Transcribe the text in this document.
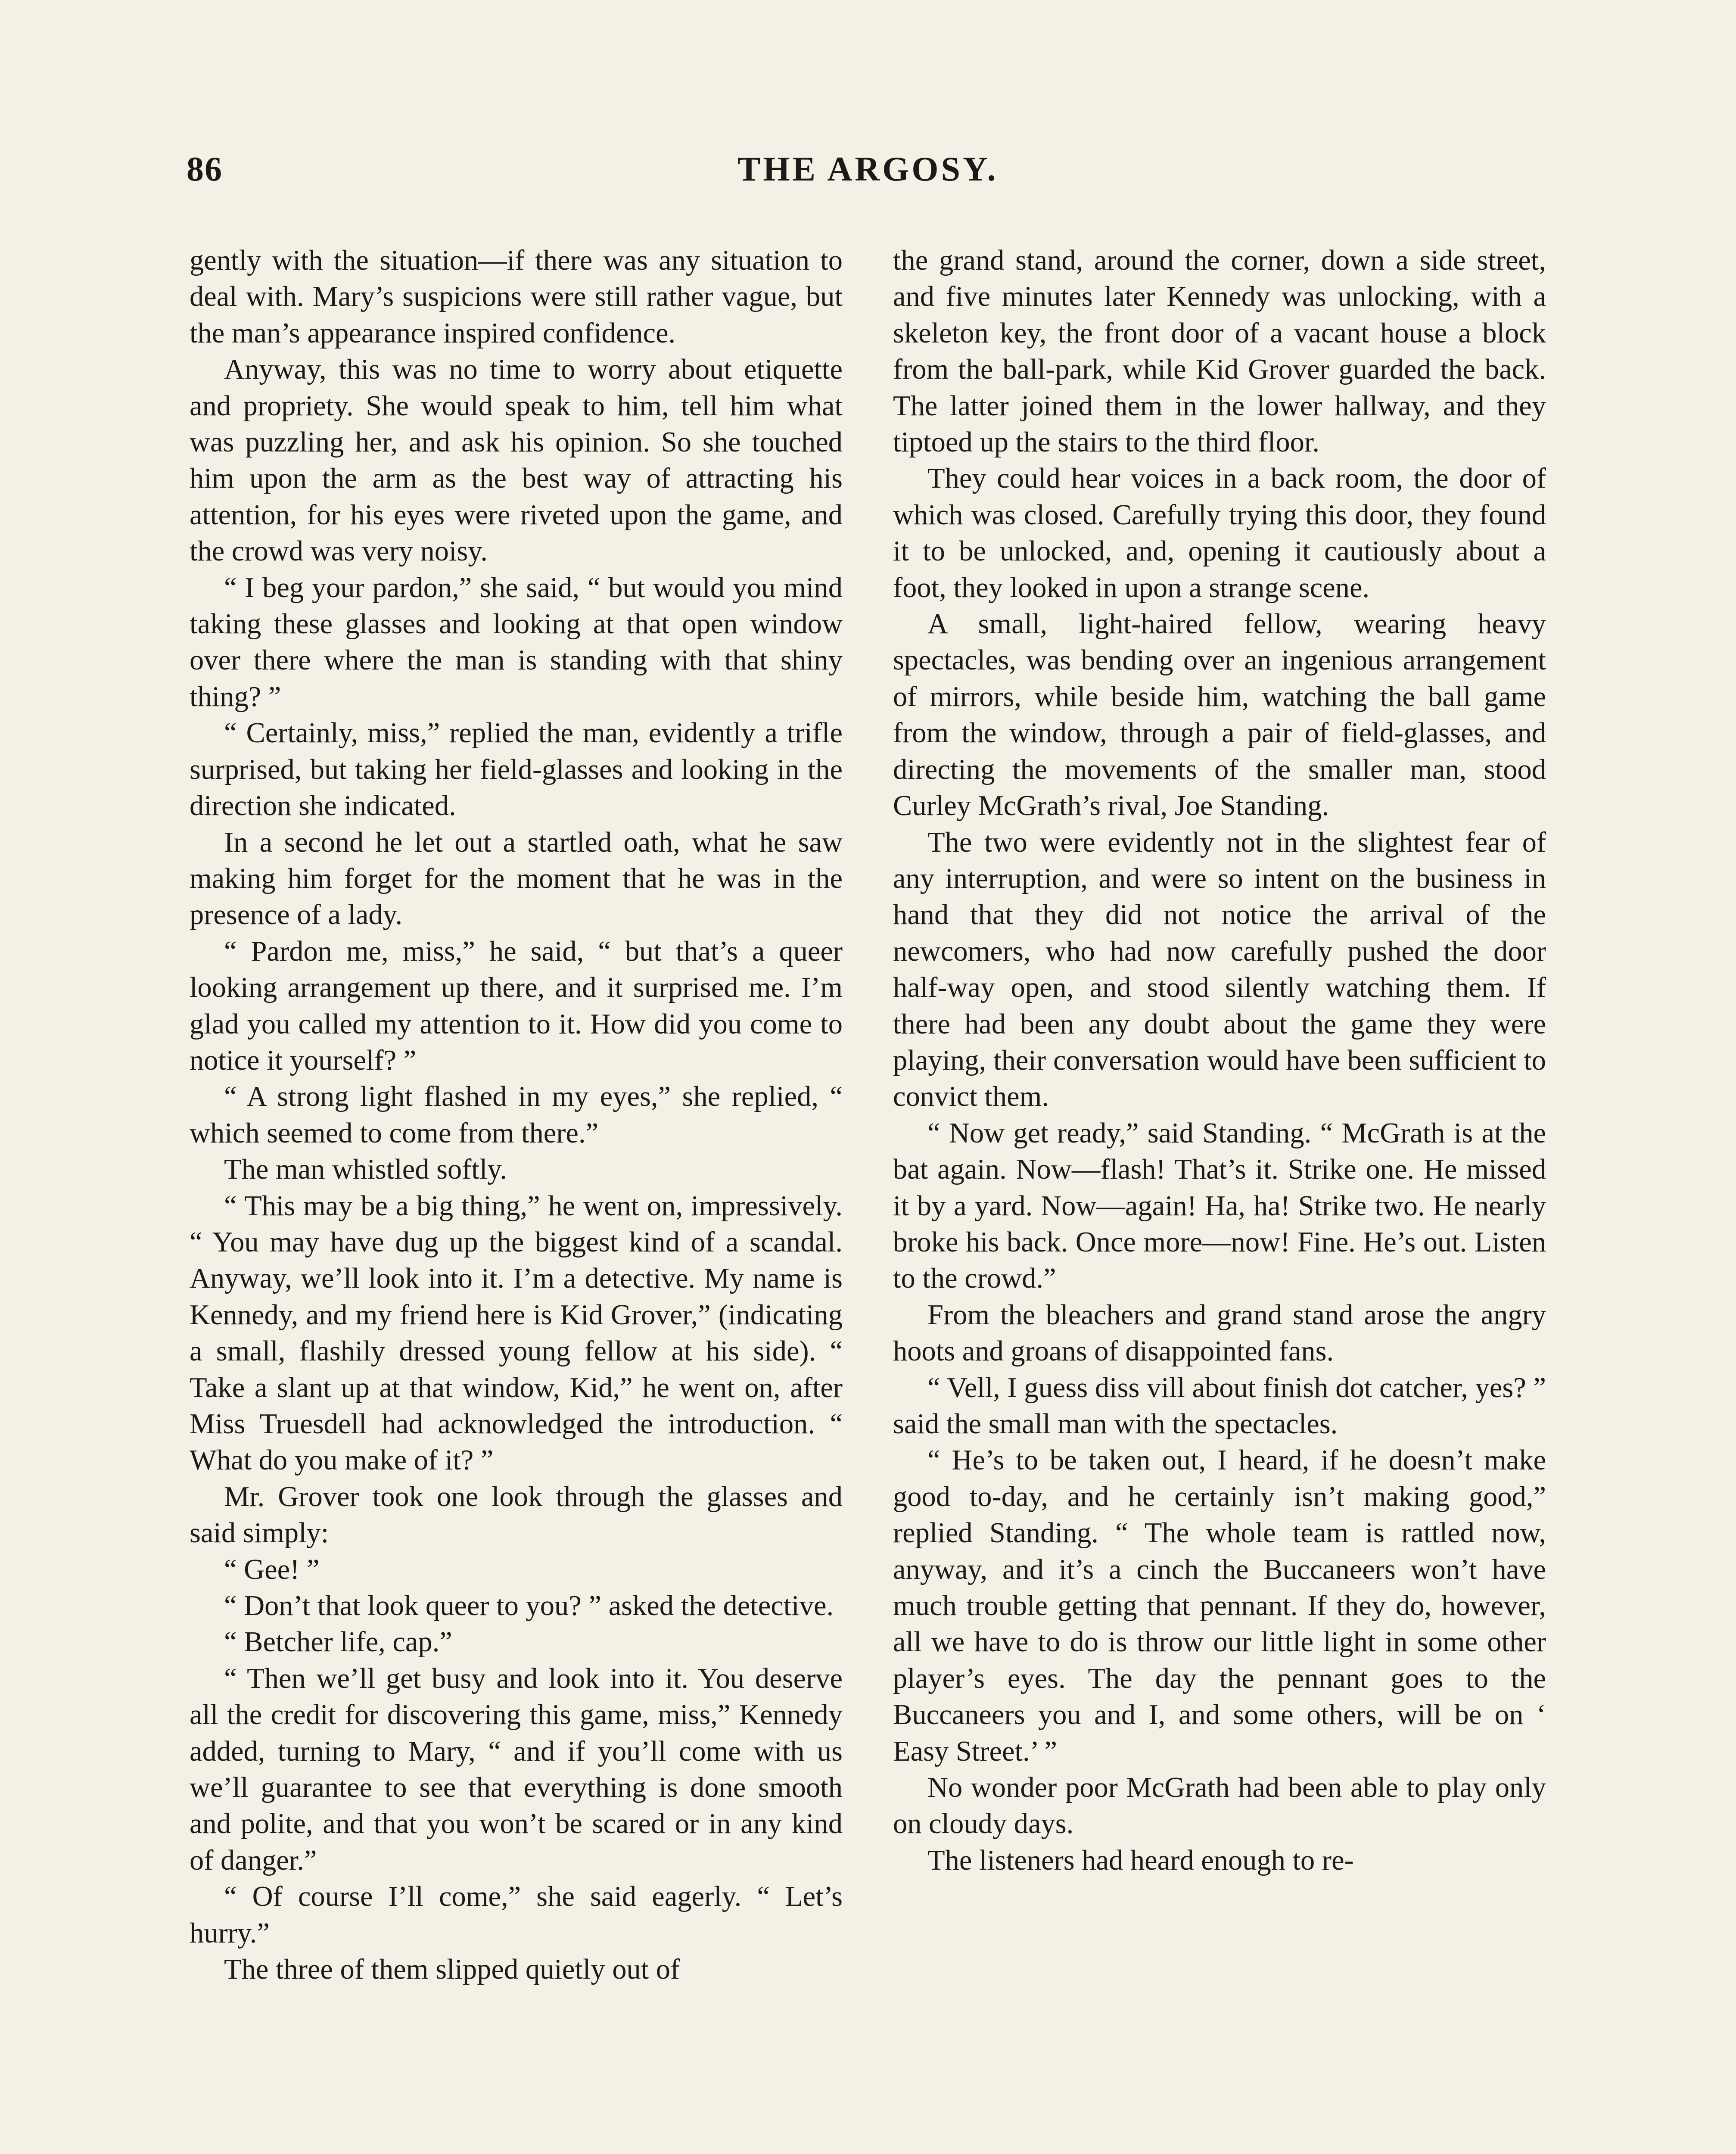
86	THE ARGOSY.

gently with the situation—if there was any situation to deal with. Mary’s suspicions were still rather vague, but the man’s appearance inspired confidence.

Anyway, this was no time to worry about etiquette and propriety. She would speak to him, tell him what was puzzling her, and ask his opinion. So she touched him upon the arm as the best way of attracting his attention, for his eyes were riveted upon the game, and the crowd was very noisy.

“ I beg your pardon,” she said, “ but would you mind taking these glasses and looking at that open window over there where the man is standing with that shiny thing? ”

“ Certainly, miss,” replied the man, evidently a trifle surprised, but taking her field-glasses and looking in the direction she indicated.

In a second he let out a startled oath, what he saw making him forget for the moment that he was in the presence of a lady.

“ Pardon me, miss,” he said, “ but that’s a queer looking arrangement up there, and it surprised me. I’m glad you called my attention to it. How did you come to notice it yourself? ”

“ A strong light flashed in my eyes,” she replied, “ which seemed to come from there.”

The man whistled softly.

“ This may be a big thing,” he went on, impressively. “ You may have dug up the biggest kind of a scandal. Anyway, we’ll look into it. I’m a detective. My name is Kennedy, and my friend here is Kid Grover,” (indicating a small, flashily dressed young fellow at his side). “ Take a slant up at that window, Kid,” he went on, after Miss Truesdell had acknowledged the introduction. “ What do you make of it? ”

Mr. Grover took one look through the glasses and said simply:

“ Gee! ”

“ Don’t that look queer to you? ” asked the detective.

“ Betcher life, cap.”

“ Then we’ll get busy and look into it. You deserve all the credit for discovering this game, miss,” Kennedy added, turning to Mary, “ and if you’ll come with us we’ll guarantee to see that everything is done smooth and polite, and that you won’t be scared or in any kind of danger.”

“ Of course I’ll come,” she said eagerly. “ Let’s hurry.”

The three of them slipped quietly out of

the grand stand, around the corner, down a side street, and five minutes later Kennedy was unlocking, with a skeleton key, the front door of a vacant house a block from the ball-park, while Kid Grover guarded the back. The latter joined them in the lower hallway, and they tiptoed up the stairs to the third floor.

They could hear voices in a back room, the door of which was closed. Carefully trying this door, they found it to be unlocked, and, opening it cautiously about a foot, they looked in upon a strange scene.

A small, light-haired fellow, wearing heavy spectacles, was bending over an ingenious arrangement of mirrors, while beside him, watching the ball game from the window, through a pair of field-glasses, and directing the movements of the smaller man, stood Curley McGrath’s rival, Joe Standing.

The two were evidently not in the slightest fear of any interruption, and were so intent on the business in hand that they did not notice the arrival of the newcomers, who had now carefully pushed the door half-way open, and stood silently watching them. If there had been any doubt about the game they were playing, their conversation would have been sufficient to convict them.

“ Now get ready,” said Standing. “ McGrath is at the bat again. Now—flash! That’s it. Strike one. He missed it by a yard. Now—again! Ha, ha! Strike two. He nearly broke his back. Once more—now! Fine. He’s out. Listen to the crowd.”

From the bleachers and grand stand arose the angry hoots and groans of disappointed fans.

“ Vell, I guess diss vill about finish dot catcher, yes? ” said the small man with the spectacles.

“ He’s to be taken out, I heard, if he doesn’t make good to-day, and he certainly isn’t making good,” replied Standing. “ The whole team is rattled now, anyway, and it’s a cinch the Buccaneers won’t have much trouble getting that pennant. If they do, however, all we have to do is throw our little light in some other player’s eyes. The day the pennant goes to the Buccaneers you and I, and some others, will be on ‘ Easy Street.’ ”

No wonder poor McGrath had been able to play only on cloudy days.

The listeners had heard enough to re-
